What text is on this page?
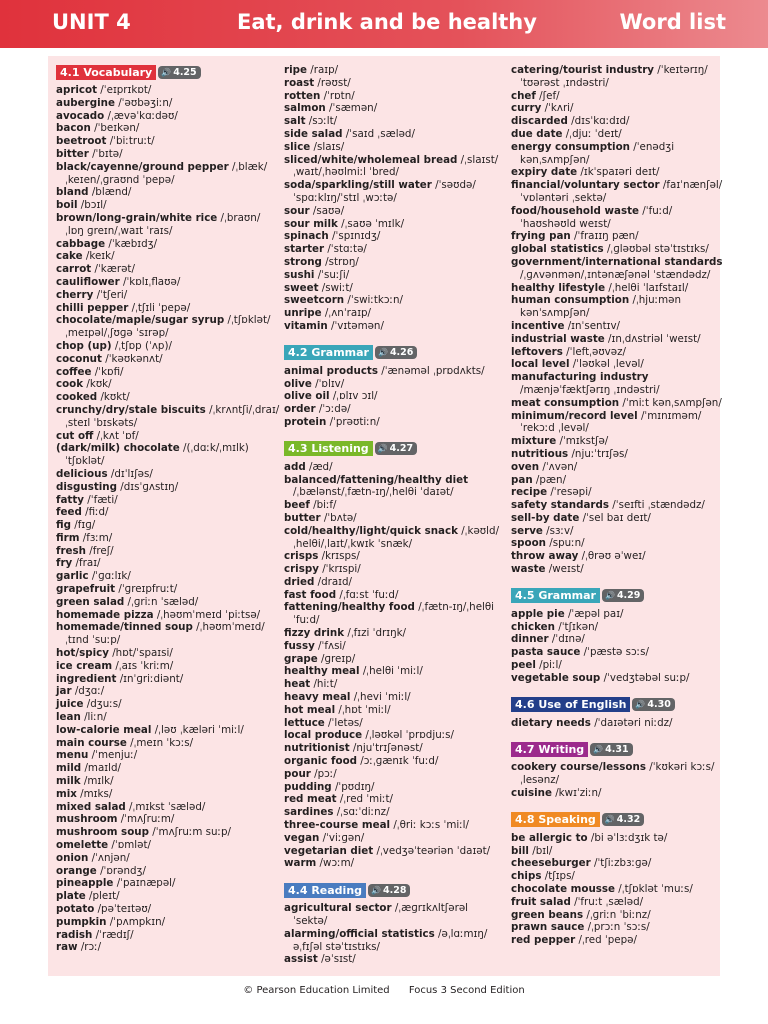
UNIT 4	Eat, drink and be healthy	Word list
4.1 Vocabulary	🔊 4.25
apricot /ˈeɪprɪkɒt/
aubergine /ˈəʊbəʒiːn/
avocado /ˌævəˈkɑːdəʊ/
bacon /ˈbeɪkən/
beetroot /ˈbiːtruːt/
bitter /ˈbɪtə/
black/cayenne/ground pepper /ˌblæk/
ˌkeɪen/ˌɡraʊnd ˈpepə/
bland /blænd/
boil /bɔɪl/
brown/long-grain/white rice /ˌbraʊn/
ˌlɒŋ ɡreɪn/ˌwaɪt ˈraɪs/
cabbage /ˈkæbɪdʒ/
cake /keɪk/
carrot /ˈkærət/
cauliflower /ˈkɒlɪˌflaʊə/
cherry /ˈtʃeri/
chilli pepper /ˌtʃɪli ˈpepə/
chocolate/maple/sugar syrup /ˌtʃɒklət/
ˌmeɪpəl/ˌʃʊɡə ˈsɪrəp/
chop (up) /ˌtʃɒp (ˈʌp)/
coconut /ˈkəʊkənʌt/
coffee /ˈkɒfi/
cook /kʊk/
cooked /kʊkt/
crunchy/dry/stale biscuits /ˌkrʌntʃi/ˌdraɪ/
ˌsteɪl ˈbɪskəts/
cut off /ˌkʌt ˈɒf/
(dark/milk) chocolate /(ˌdɑːk/ˌmɪlk)
ˈtʃɒklət/
delicious /dɪˈlɪʃəs/
disgusting /dɪsˈɡʌstɪŋ/
fatty /ˈfæti/
feed /fiːd/
fig /fɪɡ/
firm /fɜːm/
fresh /freʃ/
fry /fraɪ/
garlic /ˈɡɑːlɪk/
grapefruit /ˈɡreɪpfruːt/
green salad /ˌɡriːn ˈsæləd/
homemade pizza /ˌhəʊmˈmeɪd ˈpiːtsə/
homemade/tinned soup /ˌhəʊmˈmeɪd/
ˌtɪnd ˈsuːp/
hot/spicy /hɒt/ˈspaɪsi/
ice cream /ˌaɪs ˈkriːm/
ingredient /ɪnˈɡriːdiənt/
jar /dʒɑː/
juice /dʒuːs/
lean /liːn/
low-calorie meal /ˌləʊ ˌkæləri ˈmiːl/
main course /ˌmeɪn ˈkɔːs/
menu /ˈmenjuː/
mild /maɪld/
milk /mɪlk/
mix /mɪks/
mixed salad /ˌmɪkst ˈsæləd/
mushroom /ˈmʌʃruːm/
mushroom soup /ˈmʌʃruːm suːp/
omelette /ˈɒmlət/
onion /ˈʌnjən/
orange /ˈɒrəndʒ/
pineapple /ˈpaɪnæpəl/
plate /pleɪt/
potato /pəˈteɪtəʊ/
pumpkin /ˈpʌmpkɪn/
radish /ˈrædɪʃ/
raw /rɔː/
ripe /raɪp/
roast /rəʊst/
rotten /ˈrɒtn/
salmon /ˈsæmən/
salt /sɔːlt/
side salad /ˈsaɪd ˌsæləd/
slice /slaɪs/
sliced/white/wholemeal bread /ˌslaɪst/
ˌwaɪt/ˌhəʊlmiːl ˈbred/
soda/sparkling/still water /ˈsəʊdə/
ˈspɑːklɪŋ/ˈstɪl ˌwɔːtə/
sour /saʊə/
sour milk /ˌsaʊə ˈmɪlk/
spinach /ˈspɪnɪdʒ/
starter /ˈstɑːtə/
strong /strɒŋ/
sushi /ˈsuːʃi/
sweet /swiːt/
sweetcorn /ˈswiːtkɔːn/
unripe /ˌʌnˈraɪp/
vitamin /ˈvɪtəmən/
4.2 Grammar	🔊 4.26
animal products /ˈænəməl ˌprɒdʌkts/
olive /ˈɒlɪv/
olive oil /ˌɒlɪv ɔɪl/
order /ˈɔːdə/
protein /ˈprəʊtiːn/
4.3 Listening	🔊 4.27
add /æd/
balanced/fattening/healthy diet
/ˌbælənst/ˌfætn-ɪŋ/ˌhelθi ˈdaɪət/
beef /biːf/
butter /ˈbʌtə/
cold/healthy/light/quick snack /ˌkəʊld/
ˌhelθi/ˌlaɪt/ˌkwɪk ˈsnæk/
crisps /krɪsps/
crispy /ˈkrɪspi/
dried /draɪd/
fast food /ˌfɑːst ˈfuːd/
fattening/healthy food /ˌfætn-ɪŋ/ˌhelθi
ˈfuːd/
fizzy drink /ˌfɪzi ˈdrɪŋk/
fussy /ˈfʌsi/
grape /ɡreɪp/
healthy meal /ˌhelθi ˈmiːl/
heat /hiːt/
heavy meal /ˌhevi ˈmiːl/
hot meal /ˌhɒt ˈmiːl/
lettuce /ˈletəs/
local produce /ˌləʊkəl ˈprɒdjuːs/
nutritionist /njuˈtrɪʃənəst/
organic food /ɔːˌɡænɪk ˈfuːd/
pour /pɔː/
pudding /ˈpʊdɪŋ/
red meat /ˌred ˈmiːt/
sardines /ˌsɑːˈdiːnz/
three-course meal /ˌθriː kɔːs ˈmiːl/
vegan /ˈviːɡən/
vegetarian diet /ˌvedʒəˈteəriən ˈdaɪət/
warm /wɔːm/
4.4 Reading	🔊 4.28
agricultural sector /ˌæɡrɪkʌltʃərəl
ˈsektə/
alarming/official statistics /əˌlɑːmɪŋ/
əˌfɪʃəl stəˈtɪstɪks/
assist /əˈsɪst/
catering/tourist industry /ˈkeɪtərɪŋ/
ˈtʊərəst ˌɪndəstri/
chef /ʃef/
curry /ˈkʌri/
discarded /dɪsˈkɑːdɪd/
due date /ˌdjuː ˈdeɪt/
energy consumption /ˈenədʒi
kənˌsʌmpʃən/
expiry date /ɪkˈspaɪəri deɪt/
financial/voluntary sector /faɪˈnænʃəl/
ˈvɒləntəri ˌsektə/
food/household waste /ˈfuːd/
ˈhaʊshəʊld weɪst/
frying pan /ˈfraɪɪŋ pæn/
global statistics /ˌɡləʊbəl stəˈtɪstɪks/
government/international standards
/ˌɡʌvənmən/ˌɪntənæʃənəl ˈstændədz/
healthy lifestyle /ˌhelθi ˈlaɪfstaɪl/
human consumption /ˌhjuːmən
kənˈsʌmpʃən/
incentive /ɪnˈsentɪv/
industrial waste /ɪnˌdʌstriəl ˈweɪst/
leftovers /ˈleftˌəʊvəz/
local level /ˈləʊkəl ˌlevəl/
manufacturing industry
/mænjəˈfæktʃərɪŋ ˌɪndəstri/
meat consumption /ˈmiːt kənˌsʌmpʃən/
minimum/record level /ˈmɪnɪməm/
ˈrekɔːd ˌlevəl/
mixture /ˈmɪkstʃə/
nutritious /njuːˈtrɪʃəs/
oven /ˈʌvən/
pan /pæn/
recipe /ˈresəpi/
safety standards /ˈseɪfti ˌstændədz/
sell-by date /ˈsel baɪ deɪt/
serve /sɜːv/
spoon /spuːn/
throw away /ˌθrəʊ əˈweɪ/
waste /weɪst/
4.5 Grammar	🔊 4.29
apple pie /ˈæpəl paɪ/
chicken /ˈtʃɪkən/
dinner /ˈdɪnə/
pasta sauce /ˈpæstə sɔːs/
peel /piːl/
vegetable soup /ˈvedʒtəbəl suːp/
4.6 Use of English	🔊 4.30
dietary needs /ˈdaɪətəri niːdz/
4.7 Writing	🔊 4.31
cookery course/lessons /ˈkʊkəri kɔːs/
ˌlesənz/
cuisine /kwɪˈziːn/
4.8 Speaking	🔊 4.32
be allergic to /bi əˈlɜːdʒɪk tə/
bill /bɪl/
cheeseburger /ˈtʃiːzbɜːɡə/
chips /tʃɪps/
chocolate mousse /ˌtʃɒklət ˈmuːs/
fruit salad /ˈfruːt ˌsæləd/
green beans /ˌɡriːn ˈbiːnz/
prawn sauce /ˌprɔːn ˈsɔːs/
red pepper /ˌred ˈpepə/
© Pearson Education Limited Focus 3 Second Edition
